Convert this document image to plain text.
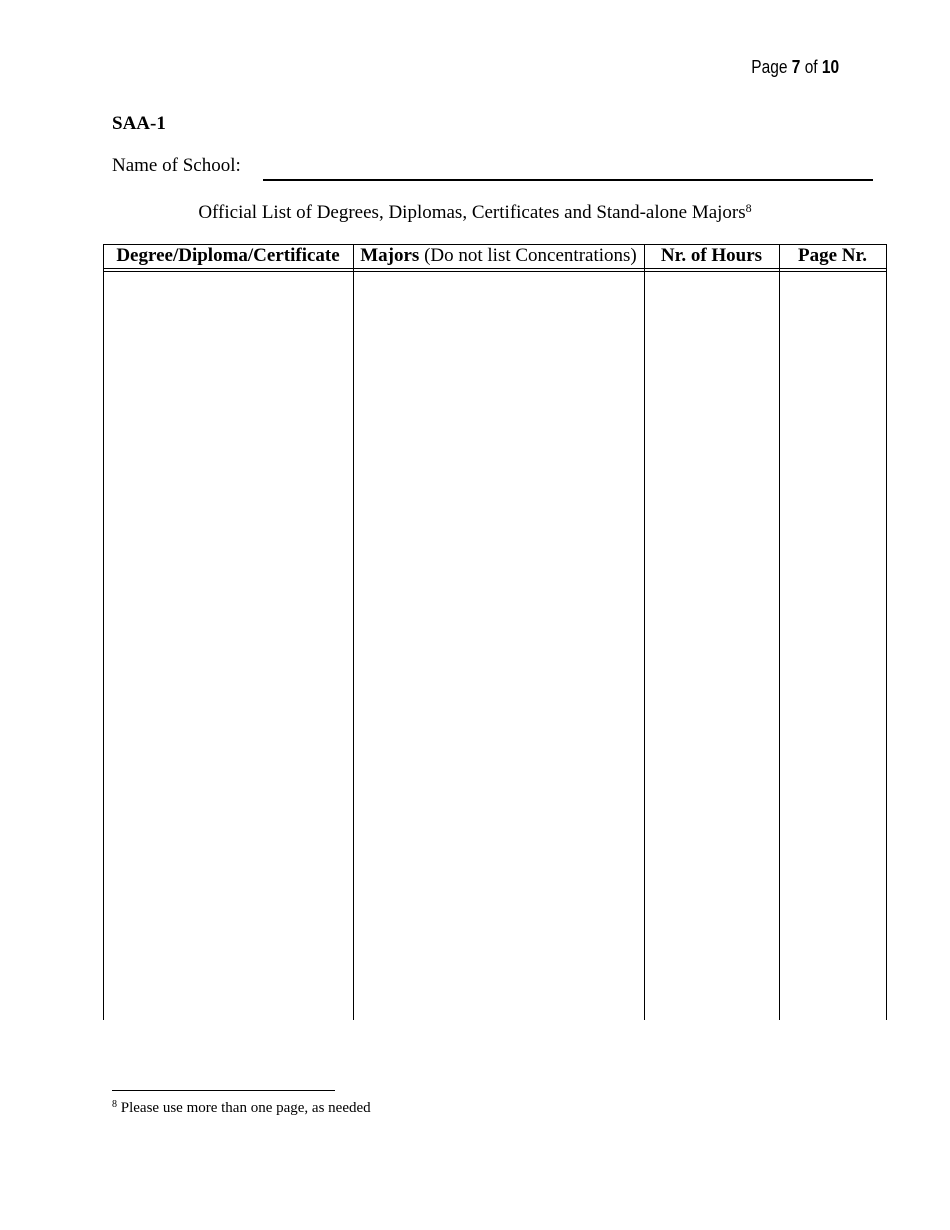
Page 7 of 10
SAA-1
Name of School:
Official List of Degrees, Diplomas, Certificates and Stand-alone Majors$^8$
Degree/Diploma/Certificate	Majors (Do not list Concentrations)	Nr. of Hours	Page Nr.
$^8$ Please use more than one page, as needed
